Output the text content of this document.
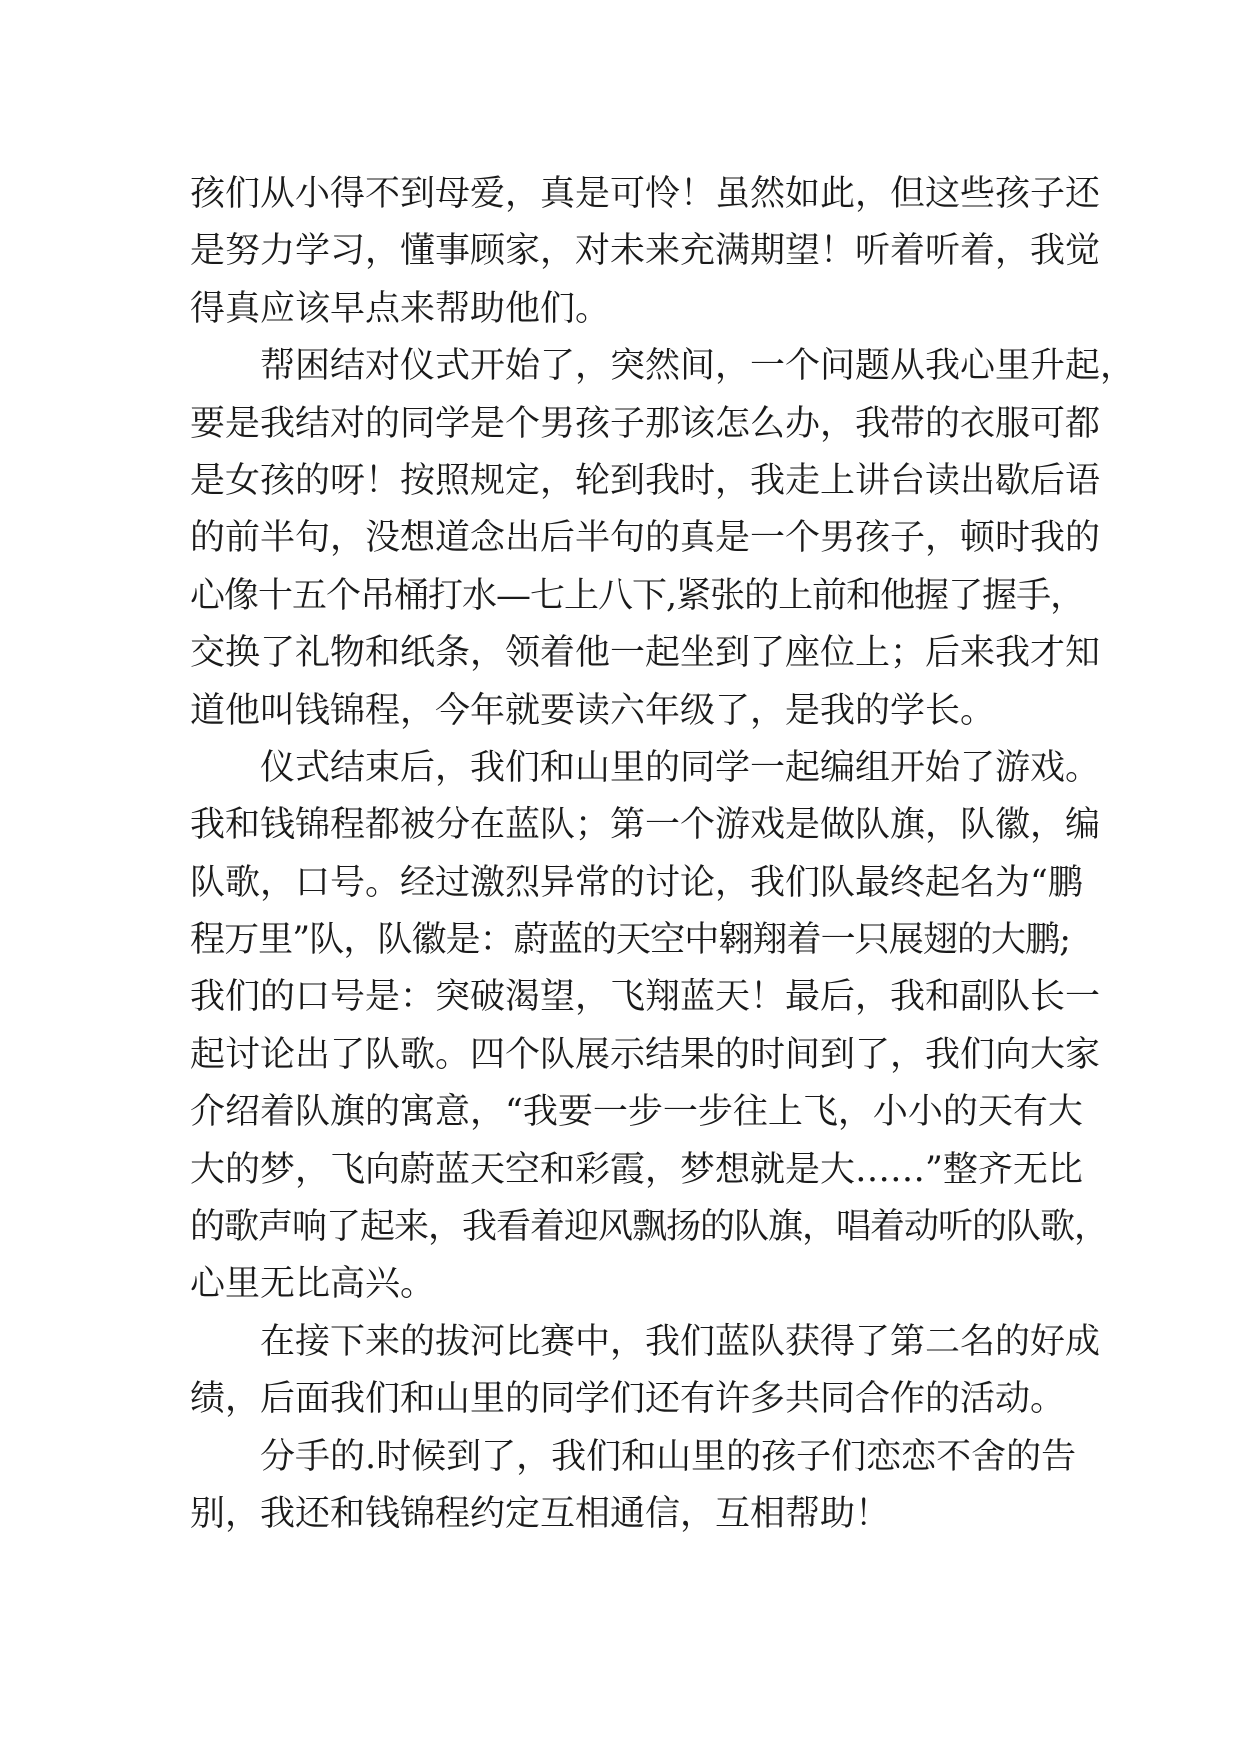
孩们从小得不到母爱，真是可怜！虽然如此，但这些孩子还
是努力学习，懂事顾家，对未来充满期望！听着听着，我觉
得真应该早点来帮助他们。
帮困结对仪式开始了，突然间，一个问题从我心里升起，
要是我结对的同学是个男孩子那该怎么办，我带的衣服可都
是女孩的呀！按照规定，轮到我时，我走上讲台读出歇后语
的前半句，没想道念出后半句的真是一个男孩子，顿时我的
心像十五个吊桶打水—七上八下,紧张的上前和他握了握手，
交换了礼物和纸条，领着他一起坐到了座位上；后来我才知
道他叫钱锦程，今年就要读六年级了，是我的学长。
仪式结束后，我们和山里的同学一起编组开始了游戏。
我和钱锦程都被分在蓝队；第一个游戏是做队旗，队徽，编
队歌，口号。经过激烈异常的讨论，我们队最终起名为“鹏
程万里”队，队徽是：蔚蓝的天空中翱翔着一只展翅的大鹏;
我们的口号是：突破渴望，飞翔蓝天！最后，我和副队长一
起讨论出了队歌。四个队展示结果的时间到了，我们向大家
介绍着队旗的寓意，“我要一步一步往上飞，小小的天有大
大的梦，飞向蔚蓝天空和彩霞，梦想就是大……”整齐无比
的歌声响了起来，我看着迎风飘扬的队旗，唱着动听的队歌，
心里无比高兴。
在接下来的拔河比赛中，我们蓝队获得了第二名的好成
绩，后面我们和山里的同学们还有许多共同合作的活动。
分手的.时候到了，我们和山里的孩子们恋恋不舍的告
别，我还和钱锦程约定互相通信，互相帮助！
